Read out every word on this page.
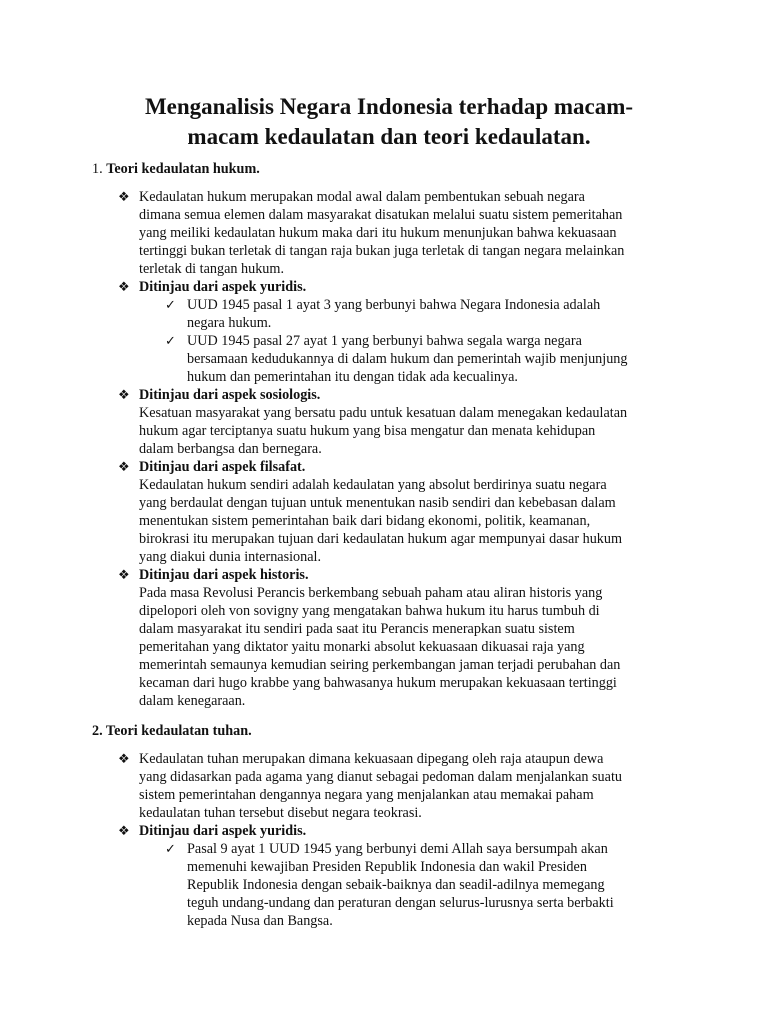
Menganalisis Negara Indonesia terhadap macam-
macam kedaulatan dan teori kedaulatan.
1. Teori kedaulatan hukum.
❖ Kedaulatan hukum merupakan modal awal dalam pembentukan sebuah negara
dimana semua elemen dalam masyarakat disatukan melalui suatu sistem pemeritahan
yang meiliki kedaulatan hukum maka dari itu hukum menunjukan bahwa kekuasaan
tertinggi bukan terletak di tangan raja bukan juga terletak di tangan negara melainkan
terletak di tangan hukum.
❖ Ditinjau dari aspek yuridis.
✓ UUD 1945 pasal 1 ayat 3 yang berbunyi bahwa Negara Indonesia adalah
negara hukum.
✓ UUD 1945 pasal 27 ayat 1 yang berbunyi bahwa segala warga negara
bersamaan kedudukannya di dalam hukum dan pemerintah wajib menjunjung
hukum dan pemerintahan itu dengan tidak ada kecualinya.
❖ Ditinjau dari aspek sosiologis.
Kesatuan masyarakat yang bersatu padu untuk kesatuan dalam menegakan kedaulatan
hukum agar terciptanya suatu hukum yang bisa mengatur dan menata kehidupan
dalam berbangsa dan bernegara.
❖ Ditinjau dari aspek filsafat.
Kedaulatan hukum sendiri adalah kedaulatan yang absolut berdirinya suatu negara
yang berdaulat dengan tujuan untuk menentukan nasib sendiri dan kebebasan dalam
menentukan sistem pemerintahan baik dari bidang ekonomi, politik, keamanan,
birokrasi itu merupakan tujuan dari kedaulatan hukum agar mempunyai dasar hukum
yang diakui dunia internasional.
❖ Ditinjau dari aspek historis.
Pada masa Revolusi Perancis berkembang sebuah paham atau aliran historis yang
dipelopori oleh von sovigny yang mengatakan bahwa hukum itu harus tumbuh di
dalam masyarakat itu sendiri pada saat itu Perancis menerapkan suatu sistem
pemeritahan yang diktator yaitu monarki absolut kekuasaan dikuasai raja yang
memerintah semaunya kemudian seiring perkembangan jaman terjadi perubahan dan
kecaman dari hugo krabbe yang bahwasanya hukum merupakan kekuasaan tertinggi
dalam kenegaraan.
2. Teori kedaulatan tuhan.
❖ Kedaulatan tuhan merupakan dimana kekuasaan dipegang oleh raja ataupun dewa
yang didasarkan pada agama yang dianut sebagai pedoman dalam menjalankan suatu
sistem pemerintahan dengannya negara yang menjalankan atau memakai paham
kedaulatan tuhan tersebut disebut negara teokrasi.
❖ Ditinjau dari aspek yuridis.
✓ Pasal 9 ayat 1 UUD 1945 yang berbunyi demi Allah saya bersumpah akan
memenuhi kewajiban Presiden Republik Indonesia dan wakil Presiden
Republik Indonesia dengan sebaik-baiknya dan seadil-adilnya memegang
teguh undang-undang dan peraturan dengan selurus-lurusnya serta berbakti
kepada Nusa dan Bangsa.
